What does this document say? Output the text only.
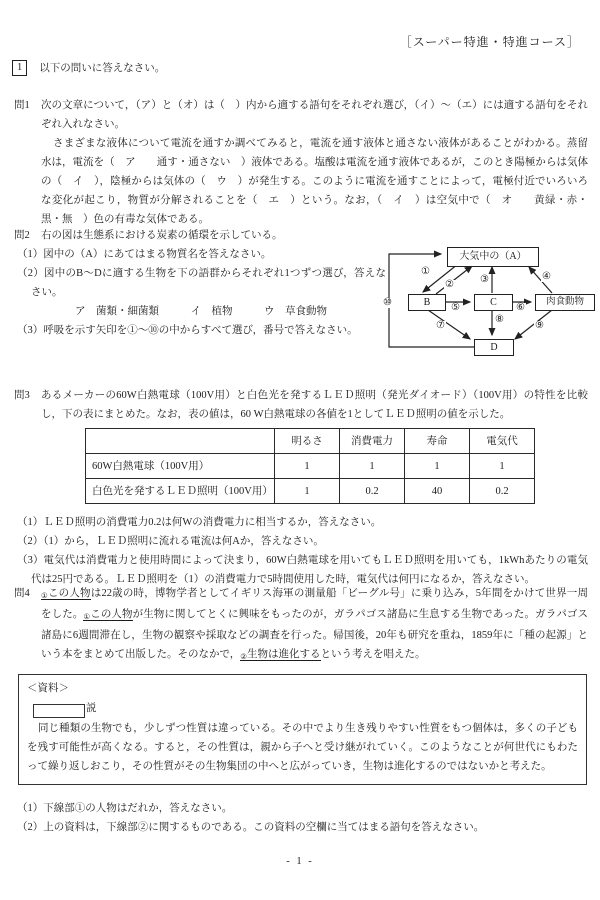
［スーパー特進・特進コース］
1	以下の問いに答えなさい。
問1	次の文章について，（ア）と（オ）は（　）内から適する語句をそれぞれ選び，（イ）～（エ）には適する語句をそれぞれ入れなさい。

さまざまな液体について電流を通すか調べてみると，電流を通す液体と通さない液体があることがわかる。蒸留水は，電流を（　ア　　通す・通さない　）液体である。塩酸は電流を通す液体であるが，このとき陽極からは気体の（　イ　），陰極からは気体の（　ウ　）が発生する。このように電流を通すことによって，電極付近でいろいろな変化が起こり，物質が分解されることを（　エ　）という。なお，（　イ　）は空気中で（　オ　　黄緑・赤・黒・無　）色の有毒な気体である。

問2	右の図は生態系における炭素の循環を示している。
（1）図中の（A）にあてはまる物質名を答えなさい。
（2）図中のB～Dに適する生物を下の語群からそれぞれ1つずつ選び，答えなさい。
ア　菌類・細菌類　　　イ　植物　　　ウ　草食動物
（3）呼吸を示す矢印を①～⑩の中からすべて選び，番号で答えなさい。
大気中の（A）
B	C	肉食動物
D
①
②	③	④
⑤	⑥
⑦
⑧
⑨
⑩
問3	あるメーカーの60W白熱電球（100V用）と白色光を発するＬＥＤ照明（発光ダイオード）（100V用）の特性を比較し，下の表にまとめた。なお，表の値は，60 W白熱電球の各値を1としてＬＥＤ照明の値を示した。
	明るさ	消費電力	寿命	電気代
60W白熱電球（100V用）	1	1	1	1
白色光を発するＬＥＤ照明（100V用）	1	0.2	40	0.2
（1）ＬＥＤ照明の消費電力0.2は何Wの消費電力に相当するか，答えなさい。
（2）（1）から，ＬＥＤ照明に流れる電流は何Aか，答えなさい。
（3）電気代は消費電力と使用時間によって決まり，60W白熱電球を用いてもＬＥＤ照明を用いても，1kWhあたりの電気代は25円である。ＬＥＤ照明を（1）の消費電力で5時間使用した時，電気代は何円になるか，答えなさい。
問4	$_①$この人物は22歳の時，博物学者としてイギリス海軍の測量船「ビーグル号」に乗り込み，5年間をかけて世界一周をした。$_①$この人物が生物に関してとくに興味をもったのが，ガラパゴス諸島に生息する生物であった。ガラパゴス諸島に6週間滞在し，生物の観察や採取などの調査を行った。帰国後，20年も研究を重ね，1859年に「種の起源」という本をまとめて出版した。そのなかで，$_②$生物は進化するという考えを唱えた。
＜資料＞
説
同じ種類の生物でも，少しずつ性質は違っている。その中でより生き残りやすい性質をもつ個体は，多くの子どもを残す可能性が高くなる。すると，その性質は，親から子へと受け継がれていく。このようなことが何世代にもわたって繰り返しおこり，その性質がその生物集団の中へと広がっていき，生物は進化するのではないかと考えた。
（1）下線部①の人物はだれか，答えなさい。
（2）上の資料は，下線部②に関するものである。この資料の空欄に当てはまる語句を答えなさい。
- 1 -
